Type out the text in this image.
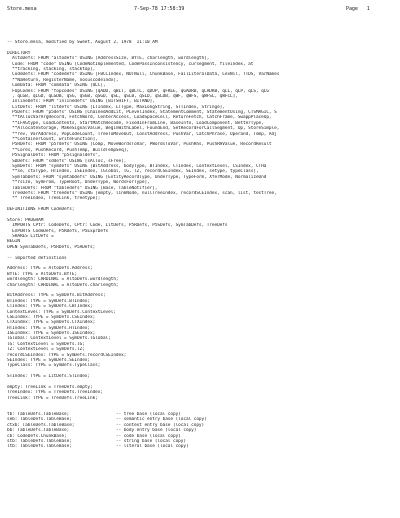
Store.mesa	7-Sep-78 17:58:39	Page   1
-- Store.mesa, modified by Sweet, August 2, 1978  11:10 AM
DIRECTORY
AltoDefs: FROM "altodefs" USING [AddressSize, BYTE, charlength, wordlength],
Code: FROM "code" USING [CodeNotImplemented, CodePassInconsistency, cursegment, fileindex, at
**tracking, stacking, stacktop],
CodeDefs: FROM "codedefs" USING [FBCCIndex, NOTNull, ChunkBase, FailLiteralData, LexNil, TTDS, VarNames
**NaReturn, RegisterName, nosuscodeindx],
ComData: FROM "comdata" USING [ULC],
FOpCodes: FROM "fopcodes" USING [qADD, qBLT, qBLTL, qDUP, qFREE, qGADRB, qLADRB, qLL, qLP, qLS, qLG
, qLGB, qLGD, qLGDB, qSG, qSGB, qSGD, qSL, qSLB, qSLD, qSLDB, qWF, qWFS, qWFSL, qWFCL],
InlineDefs: FROM "inlinedefs" USING [BITSHIFT, BITAND],
LitDefs: FROM "litdefs" USING [LTIndex, LTType, MaxLongString, STTIndex, Stringe],
P5Defs: FROM "p5defs" USING [ChainedAddLit, PLevelIndex, StatementComment, StatementUsing, CTSMAGIC, S
**tAllocVarArgRecord, FetchWord, CenterAccess, LoadSpaceCell, ReturnFetch, CatchFrame, SwappPlaceOp,
**IFAGtype, LoadContents, StartMatchRecode, FixedInFromLine, BaseInfo, LoadComponent, BetterType,
**AllocateStorage, MakeSignalValue, BeginWithLabel, FoundEnd, SetRecordForCallSegment, Op, StoreSimple,
**rev, VarAddress, PopCodeCount, TreeToMoveOut, ConstAddress, PushVar, CatchPhrase, Operand, Temp, Adj
**ContainerCount, writeFunction],
P5RDefs: FROM "p5rdefs" USING [Comp, MoveWordsToVar, PWordsToVar, PushRhs, PushRHValue, RecordResult
**Cores, PushRecord, PushTemp, BuildTempSeq],
P5SignalDefs: FROM "p5signaldefs",
SDDefs: FROM "sddefs" USING [sAlloc, sFree],
SymDefs: FROM "symdefs" USING [BitAddress, bodyType, BTIndex, CTIndex, ContextLevel, CSIndex, CTHa
**se, ctxType, HTIndex, ISEIndex, lGlobal, lG, lZ, recordCSEIndex, SEIndex, setype, typeClass],
SymTabDefs: FROM "symtabdefs" USING [EntityRecordType, UnderType, TypeForm, XferMode, NormalizeUnd
**rsize, SymFrom, TypeRoot, UnderType, WordsForType],
TableDefs: FROM "tabledefs" USING [Base, TableNotifier],
TreeDefs: FROM "treedefs" USING [empty, linkNode, nullTreeIndex, recordSCEIndex, scan, list, testTree,
** TreeIndex, TreeLink, treetype];
DEFINITIONS FROM CodeDefs;
Store: PROGRAM
IMPORTS CPtr: CodeDefs, CPtr: Code, LitDefs, P5RDefs, P5SDefs, SymTabDefs, TreeDefs
EXPORTS CodeDefs, P5RDefs, P5ExprDefs
SHARES LitDefs =
BEGIN
OPEN SymTabDefs, P5RDefs, P5ADefs;
-- imported definitions
Address: TYPE = AltoDefs.Address;
BYTE: TYPE = AltoDefs.BYTE;
wordlength: CARDINAL = AltoDefs.wordlength;
charlength: CARDINAL = AltoDefs.charlength;
BitAddress: TYPE = SymDefs.BitAddress;
BTIndex: TYPE = SymDefs.BTIndex;
CTIndex: TYPE = SymDefs.CBTIndex;
ContextLevel: TYPE = SymDefs.ContextLevel;
CSEIndex: TYPE = SymDefs.CSEIndex;
CTXIndex: TYPE = SymDefs.CTXIndex;
HTIndex: TYPE = SymDefs.HTIndex;
ISEIndex: TYPE = SymDefs.ISEIndex;
lGlobal: ContextLevel = SymDefs.lGlobal;
lG: ContextLevel = SymDefs.lG;
lZ: ContextLevel = SymDefs.lZ;
recordCSEIndex: TYPE = SymDefs.recordCSEIndex;
SEIndex: TYPE = SymDefs.SEIndex;
TypeClass: TYPE = SymDefs.TypeClass;
STIndex: TYPE = LitDefs.STIndex;
empty: TreeLink = TreeDefs.empty;
TreeIndex: TYPE = TreeDefs.TreeIndex;
TreeLink: TYPE = TreeDefs.TreeLink;
tb: TableDefs.TableBase;                  -- tree base (local copy)
seb: TableDefs.TableBase;                 -- semantic entry base (local copy)
ctxb: TableDefs.TableBase;                -- context entry base (local copy)
bb: TableDefs.TableBase;                  -- body entry base (local copy)
cb: CodeDefs.ChunkBase;                   -- code base (local copy)
stb: TableDefs.TableBase;                 -- string base (local copy)
ltb: TableDefs.TableBase;                 -- literal base (local copy)
